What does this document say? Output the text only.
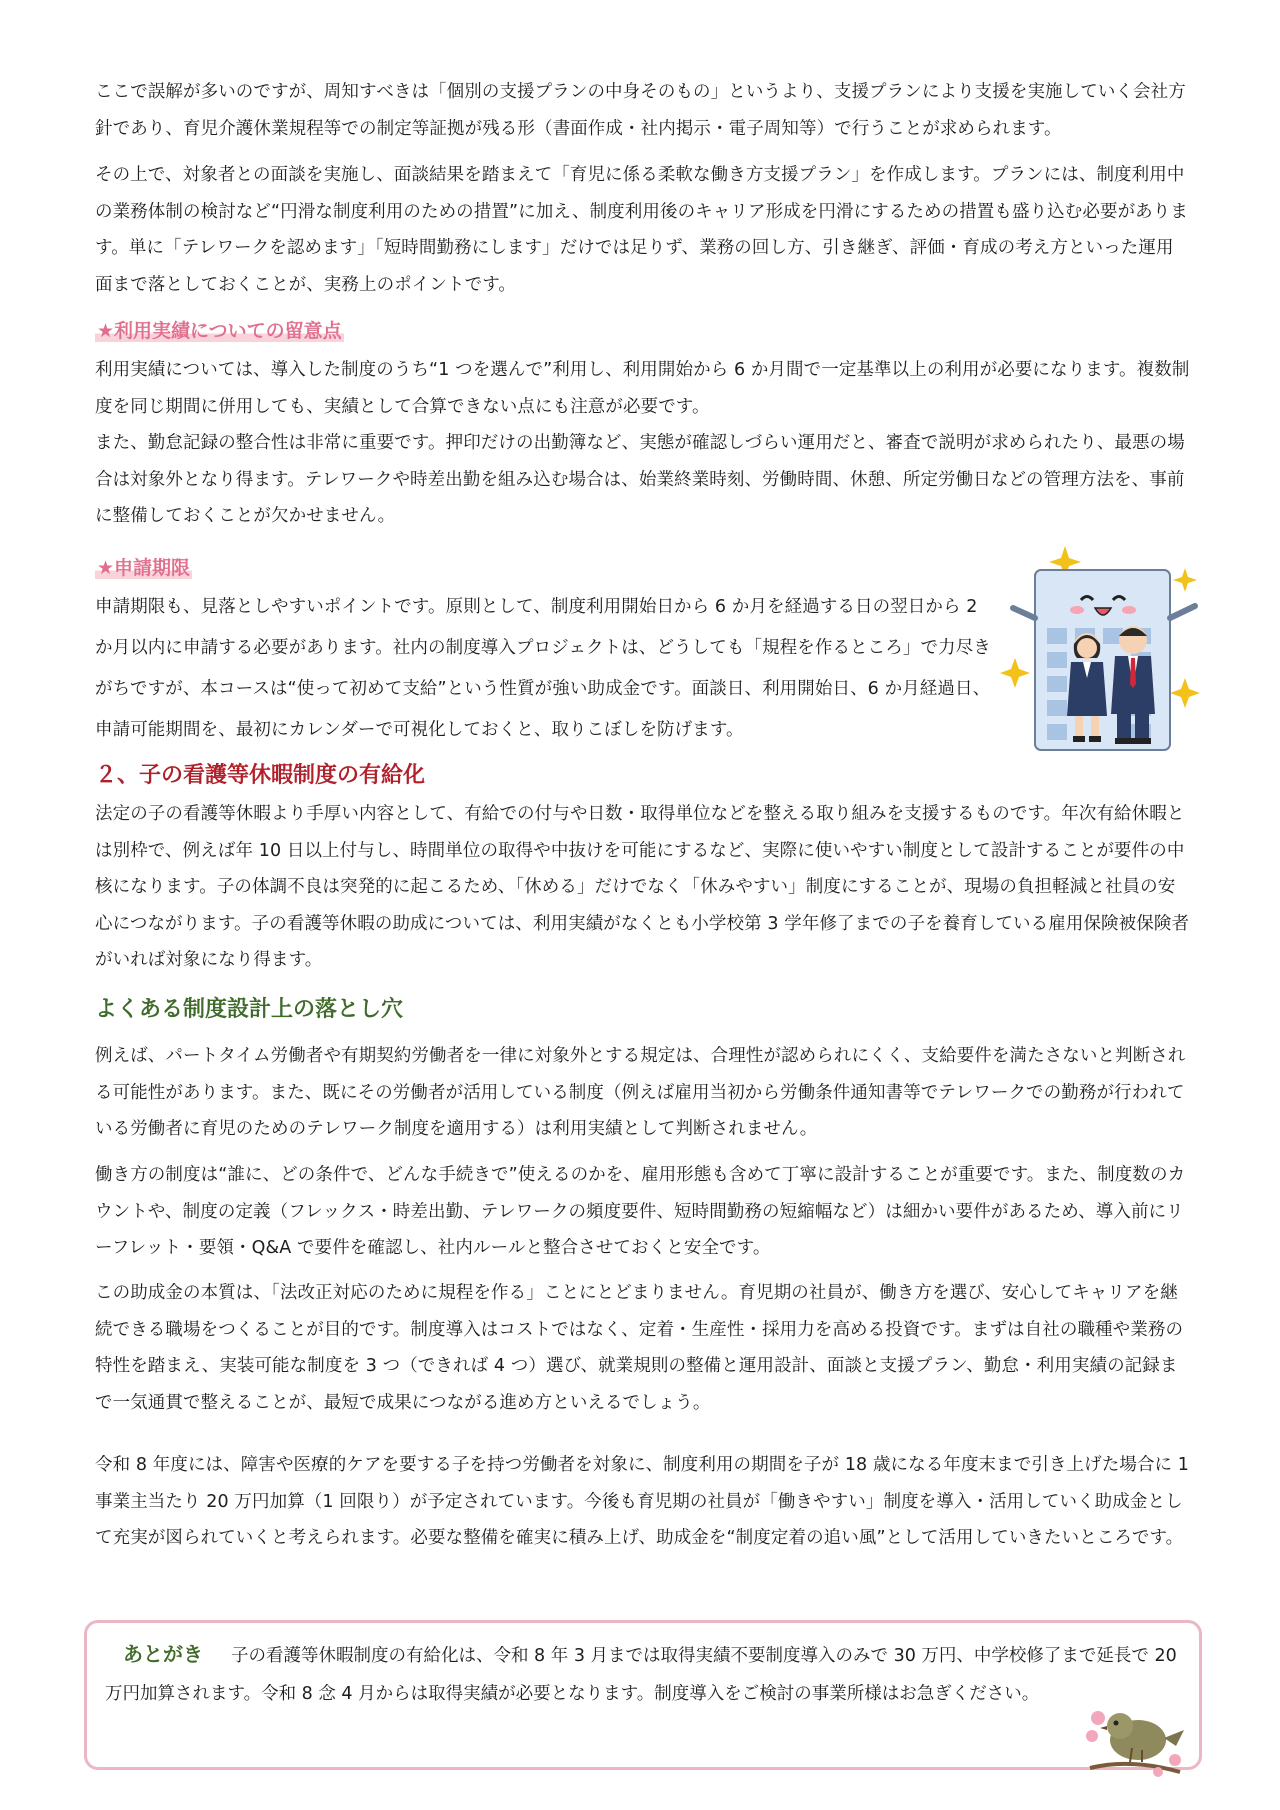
ここで誤解が多いのですが、周知すべきは「個別の支援プランの中身そのもの」というより、支援プランにより支援を実施していく会社方針であり、育児介護休業規程等での制定等証拠が残る形（書面作成・社内掲示・電子周知等）で行うことが求められます。

その上で、対象者との面談を実施し、面談結果を踏まえて「育児に係る柔軟な働き方支援プラン」を作成します。プランには、制度利用中の業務体制の検討など“円滑な制度利用のための措置”に加え、制度利用後のキャリア形成を円滑にするための措置も盛り込む必要があります。単に「テレワークを認めます」「短時間勤務にします」だけでは足りず、業務の回し方、引き継ぎ、評価・育成の考え方といった運用面まで落としておくことが、実務上のポイントです。

★利用実績についての留意点

利用実績については、導入した制度のうち“1 つを選んで”利用し、利用開始から 6 か月間で一定基準以上の利用が必要になります。複数制度を同じ期間に併用しても、実績として合算できない点にも注意が必要です。

また、勤怠記録の整合性は非常に重要です。押印だけの出勤簿など、実態が確認しづらい運用だと、審査で説明が求められたり、最悪の場合は対象外となり得ます。テレワークや時差出勤を組み込む場合は、始業終業時刻、労働時間、休憩、所定労働日などの管理方法を、事前に整備しておくことが欠かせません。

★申請期限

申請期限も、見落としやすいポイントです。原則として、制度利用開始日から 6 か月を経過する日の翌日から 2 か月以内に申請する必要があります。社内の制度導入プロジェクトは、どうしても「規程を作るところ」で力尽きがちですが、本コースは“使って初めて支給”という性質が強い助成金です。面談日、利用開始日、6 か月経過日、申請可能期間を、最初にカレンダーで可視化しておくと、取りこぼしを防げます。

２、子の看護等休暇制度の有給化

法定の子の看護等休暇より手厚い内容として、有給での付与や日数・取得単位などを整える取り組みを支援するものです。年次有給休暇とは別枠で、例えば年 10 日以上付与し、時間単位の取得や中抜けを可能にするなど、実際に使いやすい制度として設計することが要件の中核になります。子の体調不良は突発的に起こるため、「休める」だけでなく「休みやすい」制度にすることが、現場の負担軽減と社員の安心につながります。子の看護等休暇の助成については、利用実績がなくとも小学校第 3 学年修了までの子を養育している雇用保険被保険者がいれば対象になり得ます。

よくある制度設計上の落とし穴

例えば、パートタイム労働者や有期契約労働者を一律に対象外とする規定は、合理性が認められにくく、支給要件を満たさないと判断される可能性があります。また、既にその労働者が活用している制度（例えば雇用当初から労働条件通知書等でテレワークでの勤務が行われている労働者に育児のためのテレワーク制度を適用する）は利用実績として判断されません。

働き方の制度は“誰に、どの条件で、どんな手続きで”使えるのかを、雇用形態も含めて丁寧に設計することが重要です。また、制度数のカウントや、制度の定義（フレックス・時差出勤、テレワークの頻度要件、短時間勤務の短縮幅など）は細かい要件があるため、導入前にリーフレット・要領・Q&A で要件を確認し、社内ルールと整合させておくと安全です。

この助成金の本質は、「法改正対応のために規程を作る」ことにとどまりません。育児期の社員が、働き方を選び、安心してキャリアを継続できる職場をつくることが目的です。制度導入はコストではなく、定着・生産性・採用力を高める投資です。まずは自社の職種や業務の特性を踏まえ、実装可能な制度を 3 つ（できれば 4 つ）選び、就業規則の整備と運用設計、面談と支援プラン、勤怠・利用実績の記録まで一気通貫で整えることが、最短で成果につながる進め方といえるでしょう。

令和 8 年度には、障害や医療的ケアを要する子を持つ労働者を対象に、制度利用の期間を子が 18 歳になる年度末まで引き上げた場合に 1 事業主当たり 20 万円加算（1 回限り）が予定されています。今後も育児期の社員が「働きやすい」制度を導入・活用していく助成金として充実が図られていくと考えられます。必要な整備を確実に積み上げ、助成金を“制度定着の追い風”として活用していきたいところです。

あとがき 子の看護等休暇制度の有給化は、令和 8 年 3 月までは取得実績不要制度導入のみで 30 万円、中学校修了まで延長で 20 万円加算されます。令和 8 念 4 月からは取得実績が必要となります。制度導入をご検討の事業所様はお急ぎください。
